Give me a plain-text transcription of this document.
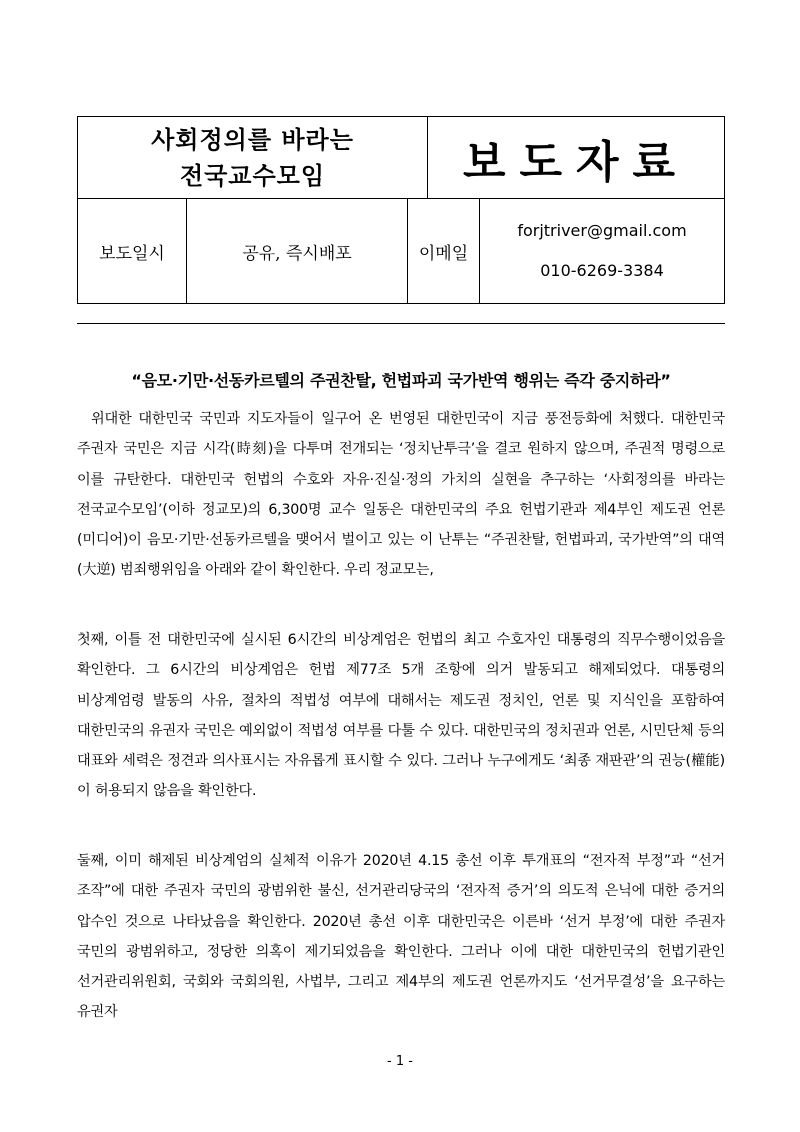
사회정의를 바라는
전국교수모임	보도자료
보도일시	공유, 즉시배포	이메일
forjtriver@gmail.com
010-6269-3384
“음모·기만·선동카르텔의 주권찬탈, 헌법파괴 국가반역 행위는 즉각 중지하라”
위대한 대한민국 국민과 지도자들이 일구어 온 번영된 대한민국이 지금 풍전등화에 처했다. 대한민국 주권자 국민은 지금 시각(時刻)을 다투며 전개되는 ‘정치난투극’을 결코 원하지 않으며, 주권적 명령으로 이를 규탄한다. 대한민국 헌법의 수호와 자유·진실·정의 가치의 실현을 추구하는 ‘사회정의를 바라는 전국교수모임’(이하 정교모)의 6,300명 교수 일동은 대한민국의 주요 헌법기관과 제4부인 제도권 언론(미디어)이 음모·기만·선동카르텔을 맺어서 벌이고 있는 이 난투는 “주권찬탈, 헌법파괴, 국가반역”의 대역(大逆) 범죄행위임을 아래와 같이 확인한다. 우리 정교모는,
첫째, 이틀 전 대한민국에 실시된 6시간의 비상계엄은 헌법의 최고 수호자인 대통령의 직무수행이었음을 확인한다. 그 6시간의 비상계엄은 헌법 제77조 5개 조항에 의거 발동되고 해제되었다. 대통령의 비상계엄령 발동의 사유, 절차의 적법성 여부에 대해서는 제도권 정치인, 언론 및 지식인을 포함하여 대한민국의 유권자 국민은 예외없이 적법성 여부를 다툴 수 있다. 대한민국의 정치권과 언론, 시민단체 등의 대표와 세력은 정견과 의사표시는 자유롭게 표시할 수 있다. 그러나 누구에게도 ‘최종 재판관’의 권능(權能)이 허용되지 않음을 확인한다.
둘째, 이미 해제된 비상계엄의 실체적 이유가 2020년 4.15 총선 이후 투개표의 “전자적 부정”과 “선거 조작”에 대한 주권자 국민의 광범위한 불신, 선거관리당국의 ‘전자적 증거’의 의도적 은닉에 대한 증거의 압수인 것으로 나타났음을 확인한다. 2020년 총선 이후 대한민국은 이른바 ‘선거 부정’에 대한 주권자 국민의 광범위하고, 정당한 의혹이 제기되었음을 확인한다. 그러나 이에 대한 대한민국의 헌법기관인 선거관리위원회, 국회와 국회의원, 사법부, 그리고 제4부의 제도권 언론까지도 ‘선거무결성’을 요구하는 유권자
- 1 -
